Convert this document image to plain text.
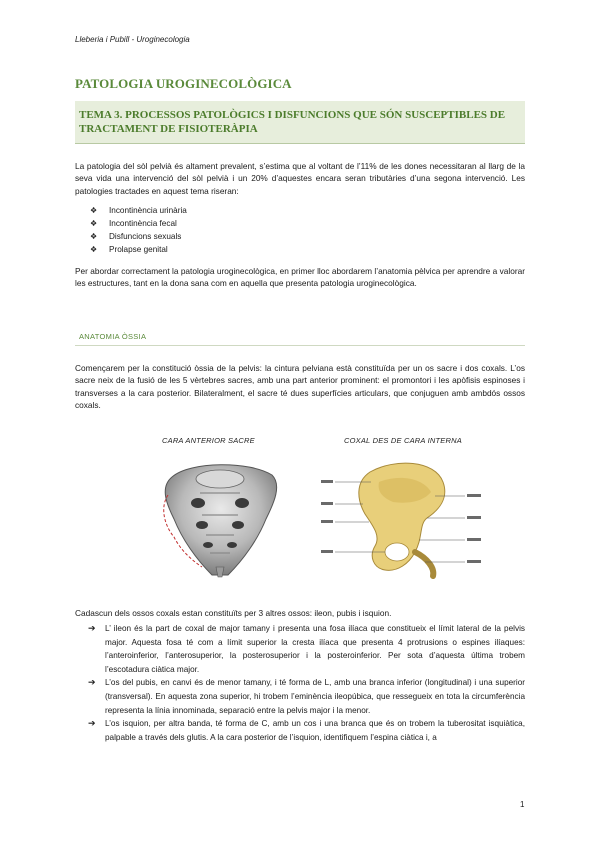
Lleberia i Pubill - Uroginecologia
PATOLOGIA UROGINECOLÒGICA
TEMA 3. PROCESSOS PATOLÒGICS I DISFUNCIONS QUE SÓN SUSCEPTIBLES DE TRACTAMENT DE FISIOTERÀPIA
La patologia del sòl pelvià és altament prevalent, s’estima que al voltant de l’11% de les dones necessitaran al llarg de la seva vida una intervenció del sòl pelvià i un 20% d’aquestes encara seran tributàries d’una segona intervenció. Les patologies tractades en aquest tema riseran:
❖	Incontinència urinària
❖	Incontinència fecal
❖	Disfuncions sexuals
❖	Prolapse genital
Per abordar correctament la patologia uroginecològica, en primer lloc abordarem l’anatomia pèlvica per aprendre a valorar les estructures, tant en la dona sana com en aquella que presenta patologia uroginecològica.
ANATOMIA ÒSSIA
Començarem per la constitució òssia de la pelvis: la cintura pelviana està constituïda per un os sacre i dos coxals. L’os sacre neix de la fusió de les 5 vèrtebres sacres, amb una part anterior prominent: el promontori i les apòfisis espinoses i transverses a la cara posterior. Bilateralment, el sacre té dues superfícies articulars, que conjuguen amb ambdós ossos coxals.
CARA ANTERIOR SACRE	COXAL DES DE CARA INTERNA
Cadascun dels ossos coxals estan constituïts per 3 altres ossos: ileon, pubis i isquion.
➔ L’ ileon és la part de coxal de major tamany i presenta una fosa ilíaca que constitueix el límit lateral de la pelvis major. Aquesta fosa té com a límit superior la cresta ilíaca que presenta 4 protrusions o espines ilíaques: l’anteroinferior, l’anterosuperior, la posterosuperior i la posteroinferior. Per sota d’aquesta última trobem l’escotadura ciàtica major.
➔ L’os del pubis, en canvi és de menor tamany, i té forma de L, amb una branca inferior (longitudinal) i una superior (transversal). En aquesta zona superior, hi trobem l’eminència ileopúbica, que ressegueix en tota la circumferència representa la línia innominada, separació entre la pelvis major i la menor.
➔ L’os isquion, per altra banda, té forma de C, amb un cos i una branca que és on trobem la tuberositat isquiàtica, palpable a través dels glutis. A la cara posterior de l’isquion, identifiquem l’espina ciàtica i, a
1
